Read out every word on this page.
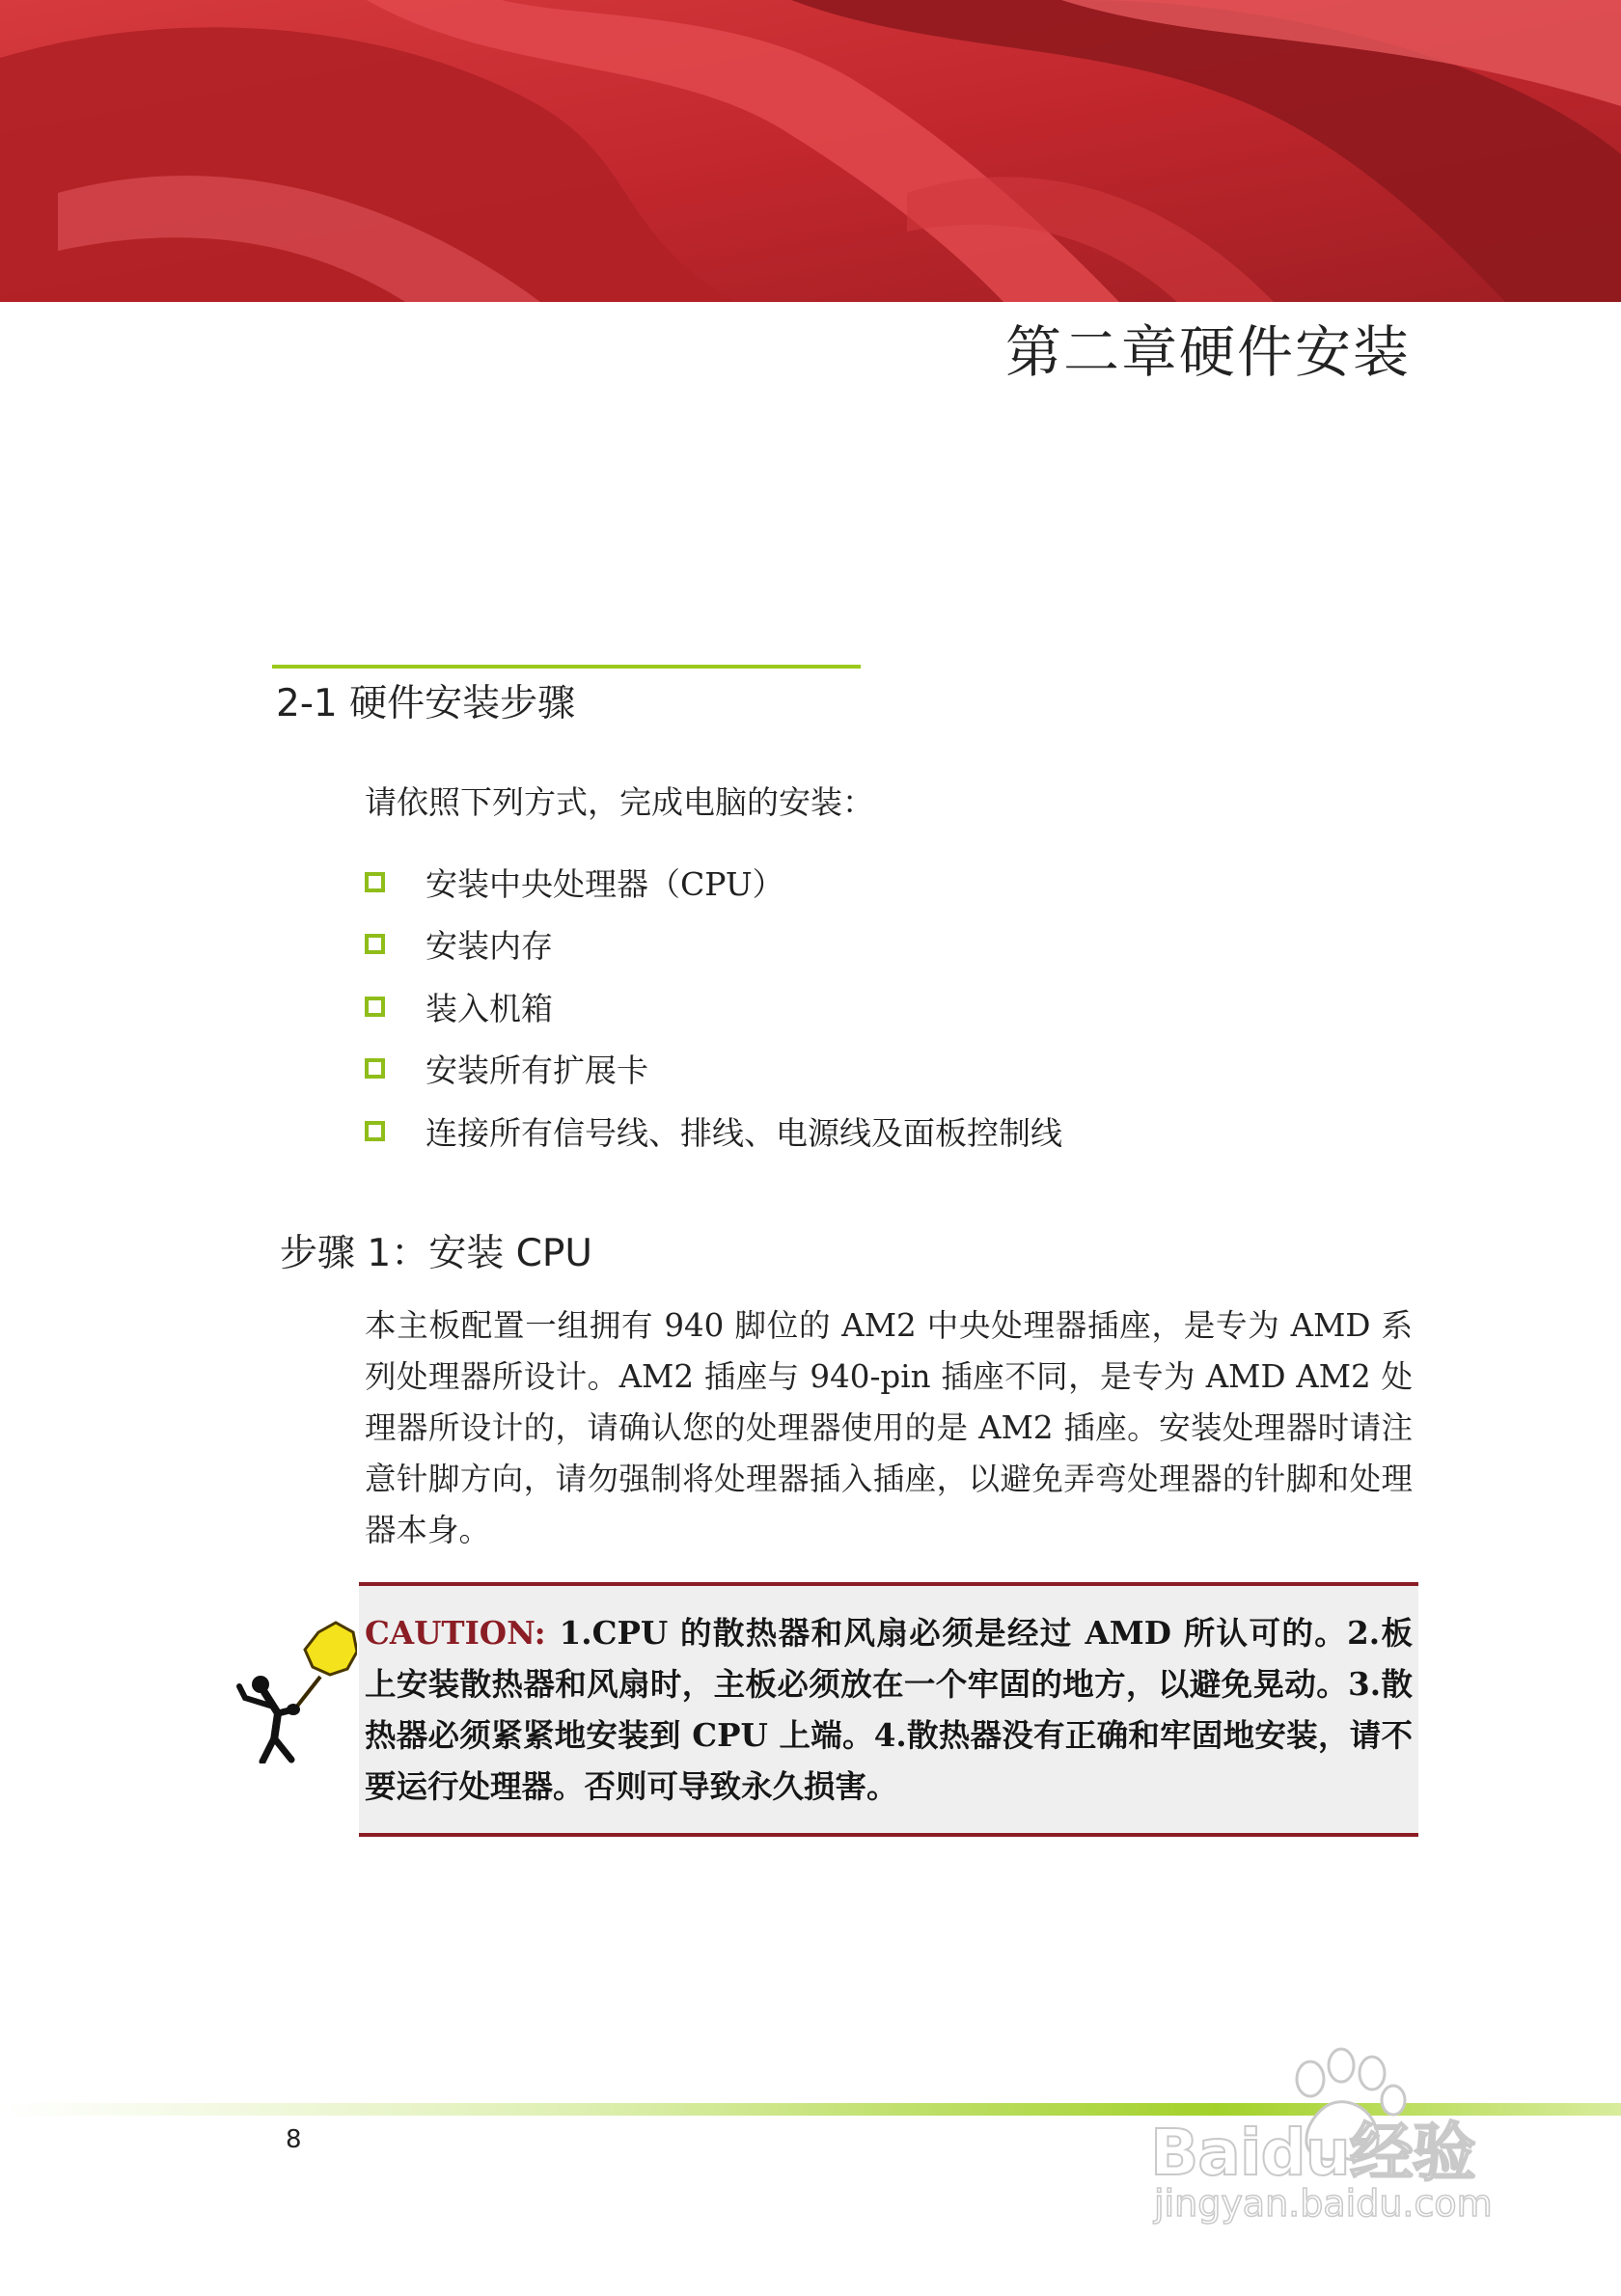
第二章硬件安装
2-1 硬件安装步骤
请依照下列方式，完成电脑的安装：
安装中央处理器（CPU）
安装内存
装入机箱
安装所有扩展卡
连接所有信号线、排线、电源线及面板控制线
步骤 1：安装 CPU

本主板配置一组拥有 940 脚位的 AM2 中央处理器插座，是专为 AMD 系列处理器所设计。AM2 插座与 940-pin 插座不同，是专为 AMD AM2 处理器所设计的，请确认您的处理器使用的是 AM2 插座。安装处理器时请注意针脚方向，请勿强制将处理器插入插座，以避免弄弯处理器的针脚和处理器本身。

CAUTION: 1.CPU 的散热器和风扇必须是经过 AMD 所认可的。2.板上安装散热器和风扇时，主板必须放在一个牢固的地方，以避免晃动。3.散热器必须紧紧地安装到 CPU 上端。4.散热器没有正确和牢固地安装，请不要运行处理器。否则可导致永久损害。

8	Baidu经验
jingyan.baidu.com
